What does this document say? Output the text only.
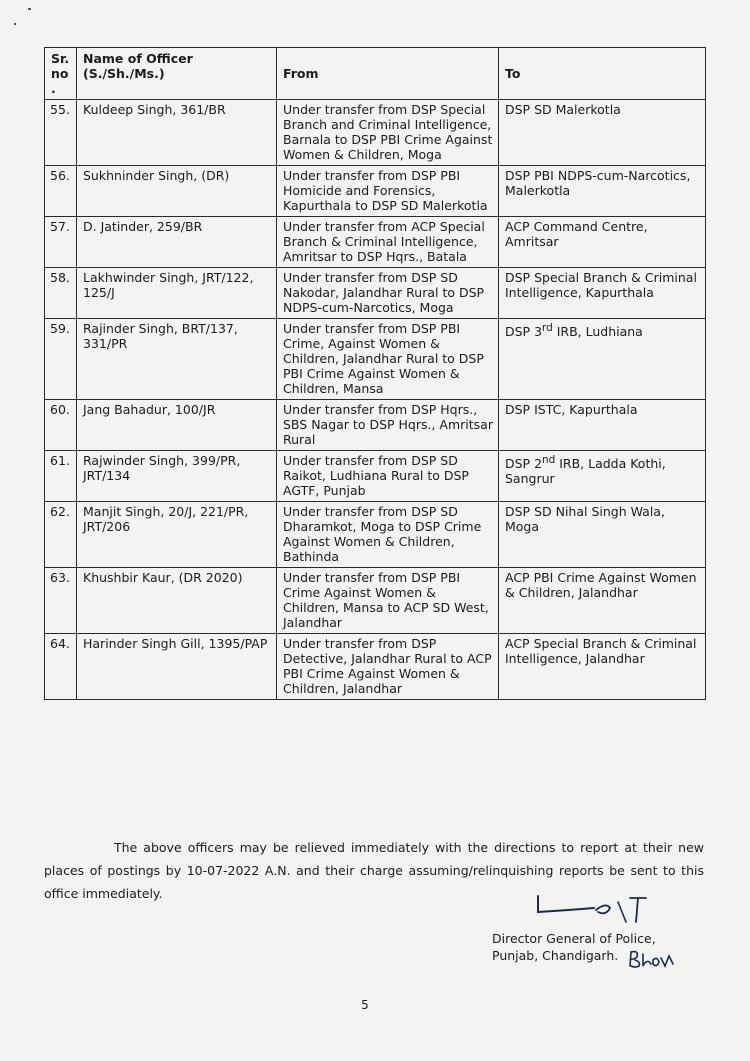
Sr. no.	Name of Officer (S./Sh./Ms.)	From	To
55.	Kuldeep Singh, 361/BR	Under transfer from DSP Special Branch and Criminal Intelligence, Barnala to DSP PBI Crime Against Women & Children, Moga	DSP SD Malerkotla
56.	Sukhninder Singh, (DR)	Under transfer from DSP PBI Homicide and Forensics, Kapurthala to DSP SD Malerkotla	DSP PBI NDPS-cum-Narcotics, Malerkotla
57.	D. Jatinder, 259/BR	Under transfer from ACP Special Branch & Criminal Intelligence, Amritsar to DSP Hqrs., Batala	ACP Command Centre, Amritsar
58.	Lakhwinder Singh, JRT/122, 125/J	Under transfer from DSP SD Nakodar, Jalandhar Rural to DSP NDPS-cum-Narcotics, Moga	DSP Special Branch & Criminal Intelligence, Kapurthala
59.	Rajinder Singh, BRT/137, 331/PR	Under transfer from DSP PBI Crime, Against Women & Children, Jalandhar Rural to DSP PBI Crime Against Women & Children, Mansa	DSP 3rd IRB, Ludhiana
60.	Jang Bahadur, 100/JR	Under transfer from DSP Hqrs., SBS Nagar to DSP Hqrs., Amritsar Rural	DSP ISTC, Kapurthala
61.	Rajwinder Singh, 399/PR, JRT/134	Under transfer from DSP SD Raikot, Ludhiana Rural to DSP AGTF, Punjab	DSP 2nd IRB, Ladda Kothi, Sangrur
62.	Manjit Singh, 20/J, 221/PR, JRT/206	Under transfer from DSP SD Dharamkot, Moga to DSP Crime Against Women & Children, Bathinda	DSP SD Nihal Singh Wala, Moga
63.	Khushbir Kaur, (DR 2020)	Under transfer from DSP PBI Crime Against Women & Children, Mansa to ACP SD West, Jalandhar	ACP PBI Crime Against Women & Children, Jalandhar
64.	Harinder Singh Gill, 1395/PAP	Under transfer from DSP Detective, Jalandhar Rural to ACP PBI Crime Against Women & Children, Jalandhar	ACP Special Branch & Criminal Intelligence, Jalandhar

The above officers may be relieved immediately with the directions to report at their new places of postings by 10-07-2022 A.N. and their charge assuming/relinquishing reports be sent to this office immediately.

Director General of Police,
Punjab, Chandigarh.
5
